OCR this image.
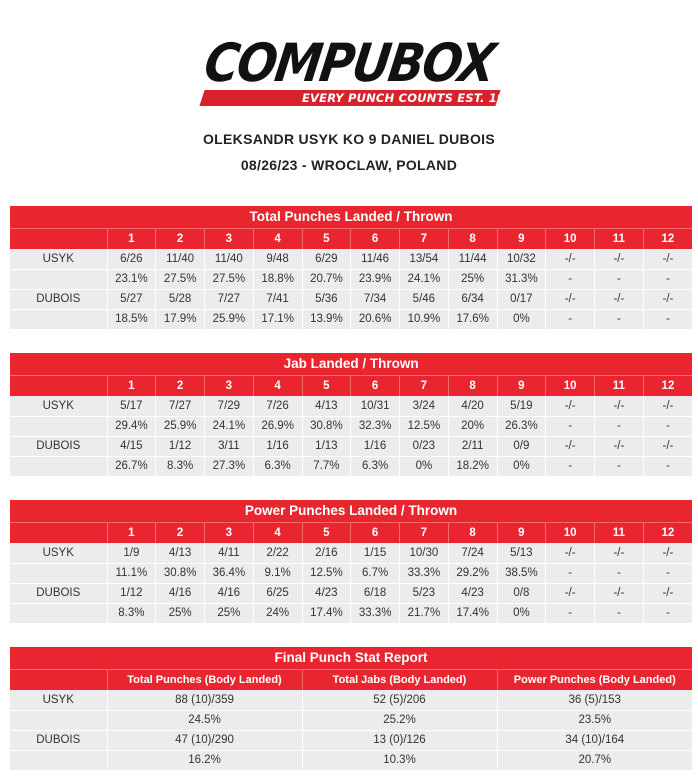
COMPUBOX
EVERY PUNCH COUNTS EST. 1985
OLEKSANDR USYK KO 9 DANIEL DUBOIS
08/26/23 - WROCLAW, POLAND
Total Punches Landed / Thrown												
	1	2	3	4	5	6	7	8	9	10	11	12
USYK	6/26	11/40	11/40	9/48	6/29	11/46	13/54	11/44	10/32	-/-	-/-	-/-
	23.1%	27.5%	27.5%	18.8%	20.7%	23.9%	24.1%	25%	31.3%	-	-	-
DUBOIS	5/27	5/28	7/27	7/41	5/36	7/34	5/46	6/34	0/17	-/-	-/-	-/-
	18.5%	17.9%	25.9%	17.1%	13.9%	20.6%	10.9%	17.6%	0%	-	-	-
Jab Landed / Thrown												
	1	2	3	4	5	6	7	8	9	10	11	12
USYK	5/17	7/27	7/29	7/26	4/13	10/31	3/24	4/20	5/19	-/-	-/-	-/-
	29.4%	25.9%	24.1%	26.9%	30.8%	32.3%	12.5%	20%	26.3%	-	-	-
DUBOIS	4/15	1/12	3/11	1/16	1/13	1/16	0/23	2/11	0/9	-/-	-/-	-/-
	26.7%	8.3%	27.3%	6.3%	7.7%	6.3%	0%	18.2%	0%	-	-	-
Power Punches Landed / Thrown												
	1	2	3	4	5	6	7	8	9	10	11	12
USYK	1/9	4/13	4/11	2/22	2/16	1/15	10/30	7/24	5/13	-/-	-/-	-/-
	11.1%	30.8%	36.4%	9.1%	12.5%	6.7%	33.3%	29.2%	38.5%	-	-	-
DUBOIS	1/12	4/16	4/16	6/25	4/23	6/18	5/23	4/23	0/8	-/-	-/-	-/-
	8.3%	25%	25%	24%	17.4%	33.3%	21.7%	17.4%	0%	-	-	-
Final Punch Stat Report			
	Total Punches (Body Landed)	Total Jabs (Body Landed)	Power Punches (Body Landed)
USYK	88 (10)/359	52 (5)/206	36 (5)/153
	24.5%	25.2%	23.5%
DUBOIS	47 (10)/290	13 (0)/126	34 (10)/164
	16.2%	10.3%	20.7%
